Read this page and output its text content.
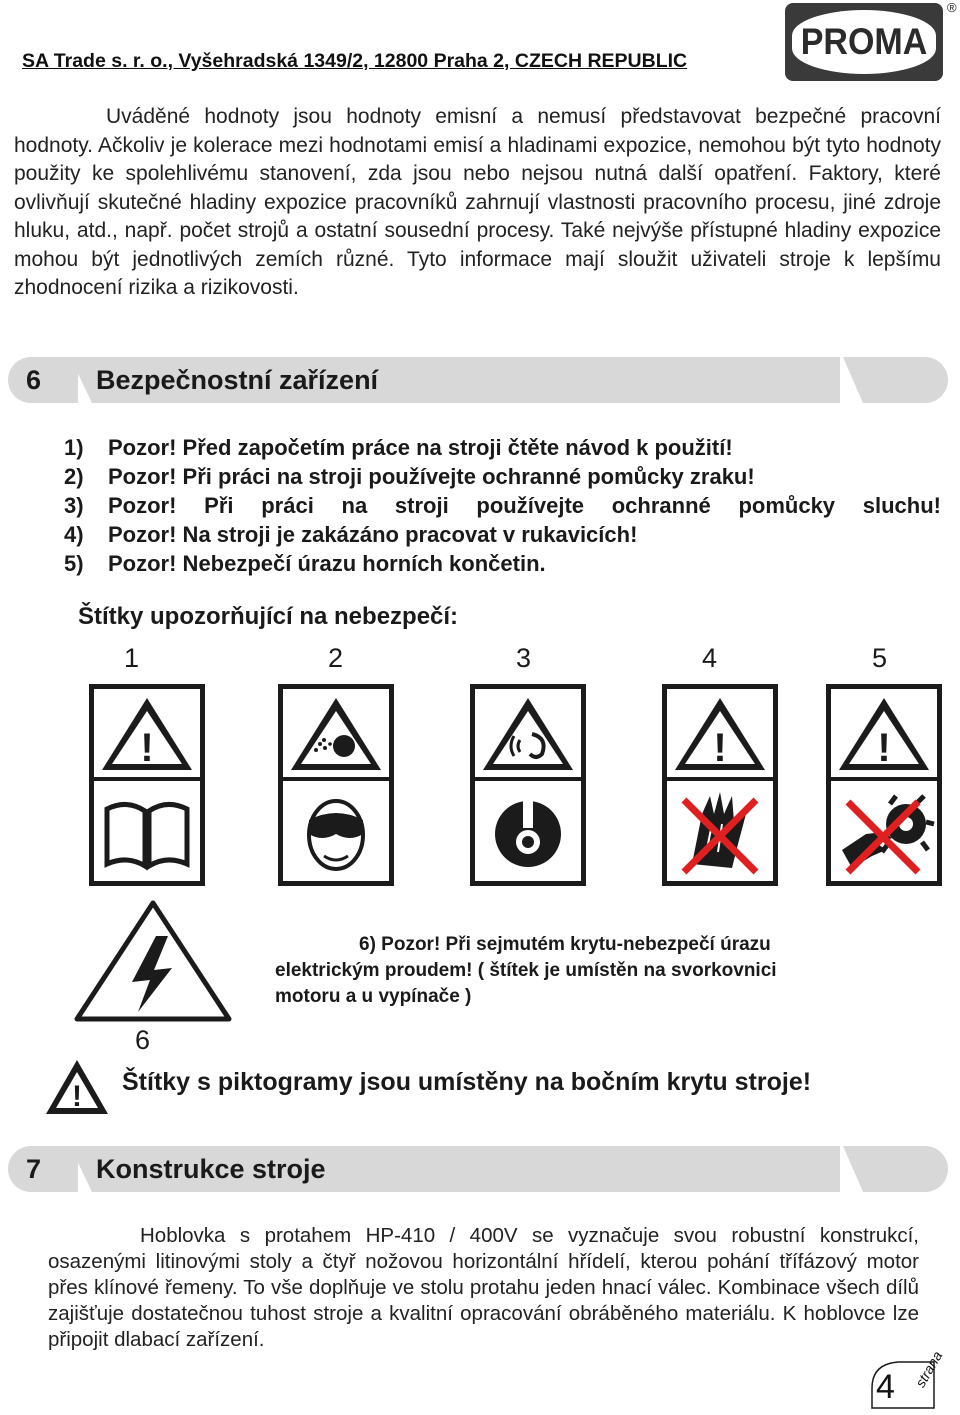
SA Trade s. r. o., Vyšehradská 1349/2, 12800 Praha 2, CZECH REPUBLIC	PROMA
®
Uváděné hodnoty jsou hodnoty emisní a nemusí představovat bezpečné pracovní hodnoty. Ačkoliv je kolerace mezi hodnotami emisí a hladinami expozice, nemohou být tyto hodnoty použity ke spolehlivému stanovení, zda jsou nebo nejsou nutná další opatření. Faktory, které ovlivňují skutečné hladiny expozice pracovníků zahrnují vlastnosti pracovního procesu, jiné zdroje hluku, atd., např. počet strojů a ostatní sousední procesy. Také nejvýše přístupné hladiny expozice mohou být jednotlivých zemích různé. Tyto informace mají sloužit uživateli stroje k lepšímu zhodnocení rizika a rizikovosti.
6	Bezpečnostní zařízení
1)	Pozor! Před započetím práce na stroji čtěte návod k použití!
2)	Pozor! Při práci na stroji používejte ochranné pomůcky zraku!
3)	Pozor! Při práci na stroji používejte ochranné pomůcky sluchu!
4)	Pozor! Na stroji je zakázáno pracovat v rukavicích!
5)	Pozor! Nebezpečí úrazu horních končetin.
Štítky upozorňující na nebezpečí:
1	2	3	4	5
!	!	!
6
6) Pozor! Při sejmutém krytu-nebezpečí úrazu
elektrickým proudem! ( štítek je umístěn na svorkovnici
motoru a u vypínače )
! Štítky s piktogramy jsou umístěny na bočním krytu stroje!
7	Konstrukce stroje
Hoblovka s protahem HP-410 / 400V se vyznačuje svou robustní konstrukcí, osazenými litinovými stoly a čtyř nožovou horizontální hřídelí, kterou pohání třífázový motor přes klínové řemeny. To vše doplňuje ve stolu protahu jeden hnací válec. Kombinace všech dílů zajišťuje dostatečnou tuhost stroje a kvalitní opracování obráběného materiálu. K hoblovce lze připojit dlabací zařízení.
4 strana
